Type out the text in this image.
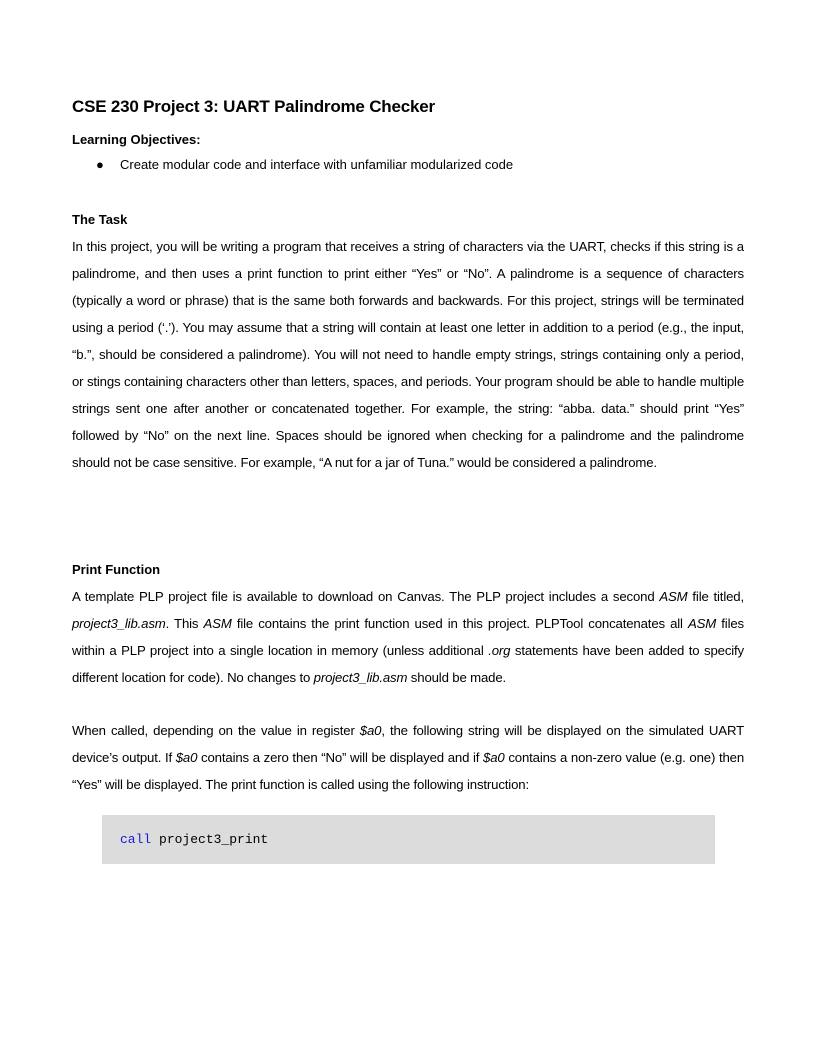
CSE 230 Project 3: UART Palindrome Checker
Learning Objectives:
● Create modular code and interface with unfamiliar modularized code
The Task
In this project, you will be writing a program that receives a string of characters via the UART, checks if this string is a palindrome, and then uses a print function to print either “Yes” or “No”. A palindrome is a sequence of characters (typically a word or phrase) that is the same both forwards and backwards. For this project, strings will be terminated using a period (‘.’). You may assume that a string will contain at least one letter in addition to a period (e.g., the input, “b.”, should be considered a palindrome). You will not need to handle empty strings, strings containing only a period, or stings containing characters other than letters, spaces, and periods. Your program should be able to handle multiple strings sent one after another or concatenated together. For example, the string: “abba. data.” should print “Yes” followed by “No” on the next line. Spaces should be ignored when checking for a palindrome and the palindrome should not be case sensitive. For example, “A nut for a jar of Tuna.” would be considered a palindrome.
Print Function
A template PLP project file is available to download on Canvas. The PLP project includes a second ASM file titled, project3_lib.asm. This ASM file contains the print function used in this project. PLPTool concatenates all ASM files within a PLP project into a single location in memory (unless additional .org statements have been added to specify different location for code). No changes to project3_lib.asm should be made.
When called, depending on the value in register $a0, the following string will be displayed on the simulated UART device’s output. If $a0 contains a zero then “No” will be displayed and if $a0 contains a non-zero value (e.g. one) then “Yes” will be displayed. The print function is called using the following instruction:
call project3_print
